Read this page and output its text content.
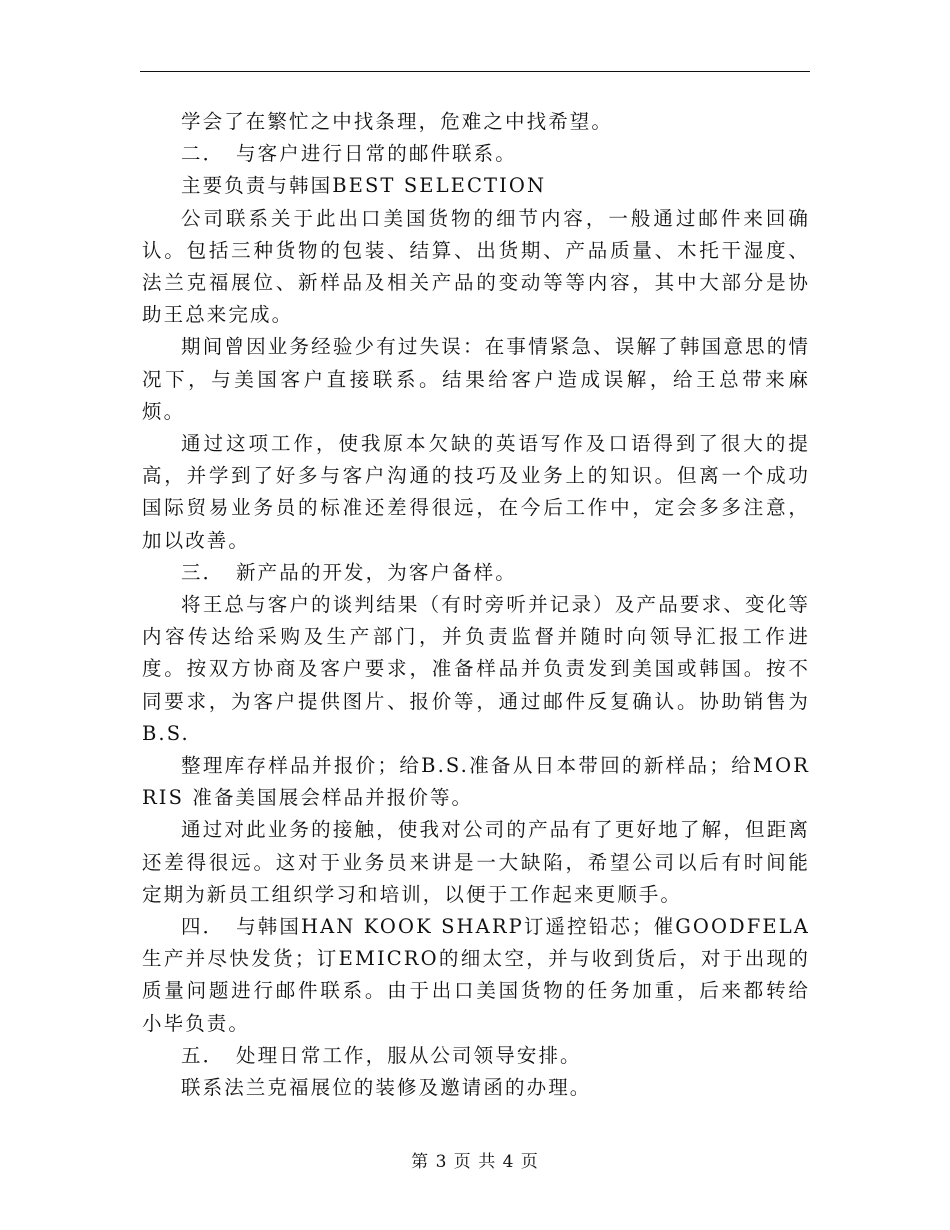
学会了在繁忙之中找条理，危难之中找希望。

二．　与客户进行日常的邮件联系。

主要负责与韩国BEST SELECTION

公司联系关于此出口美国货物的细节内容，一般通过邮件来回确认。包括三种货物的包装、结算、出货期、产品质量、木托干湿度、法兰克福展位、新样品及相关产品的变动等等内容，其中大部分是协助王总来完成。

期间曾因业务经验少有过失误：在事情紧急、误解了韩国意思的情况下，与美国客户直接联系。结果给客户造成误解，给王总带来麻烦。

通过这项工作，使我原本欠缺的英语写作及口语得到了很大的提高，并学到了好多与客户沟通的技巧及业务上的知识。但离一个成功国际贸易业务员的标准还差得很远，在今后工作中，定会多多注意，加以改善。

三．　新产品的开发，为客户备样。

将王总与客户的谈判结果（有时旁听并记录）及产品要求、变化等内容传达给采购及生产部门，并负责监督并随时向领导汇报工作进度。按双方协商及客户要求，准备样品并负责发到美国或韩国。按不同要求，为客户提供图片、报价等，通过邮件反复确认。协助销售为B.S.

整理库存样品并报价；给B.S.准备从日本带回的新样品；给MORRIS 准备美国展会样品并报价等。

通过对此业务的接触，使我对公司的产品有了更好地了解，但距离还差得很远。这对于业务员来讲是一大缺陷，希望公司以后有时间能定期为新员工组织学习和培训，以便于工作起来更顺手。

四．　与韩国HAN KOOK SHARP订遥控铅芯；催GOODFELA 生产并尽快发货；订EMICRO的细太空，并与收到货后，对于出现的质量问题进行邮件联系。由于出口美国货物的任务加重，后来都转给小毕负责。

五．　处理日常工作，服从公司领导安排。

联系法兰克福展位的装修及邀请函的办理。

第 3 页 共 4 页
